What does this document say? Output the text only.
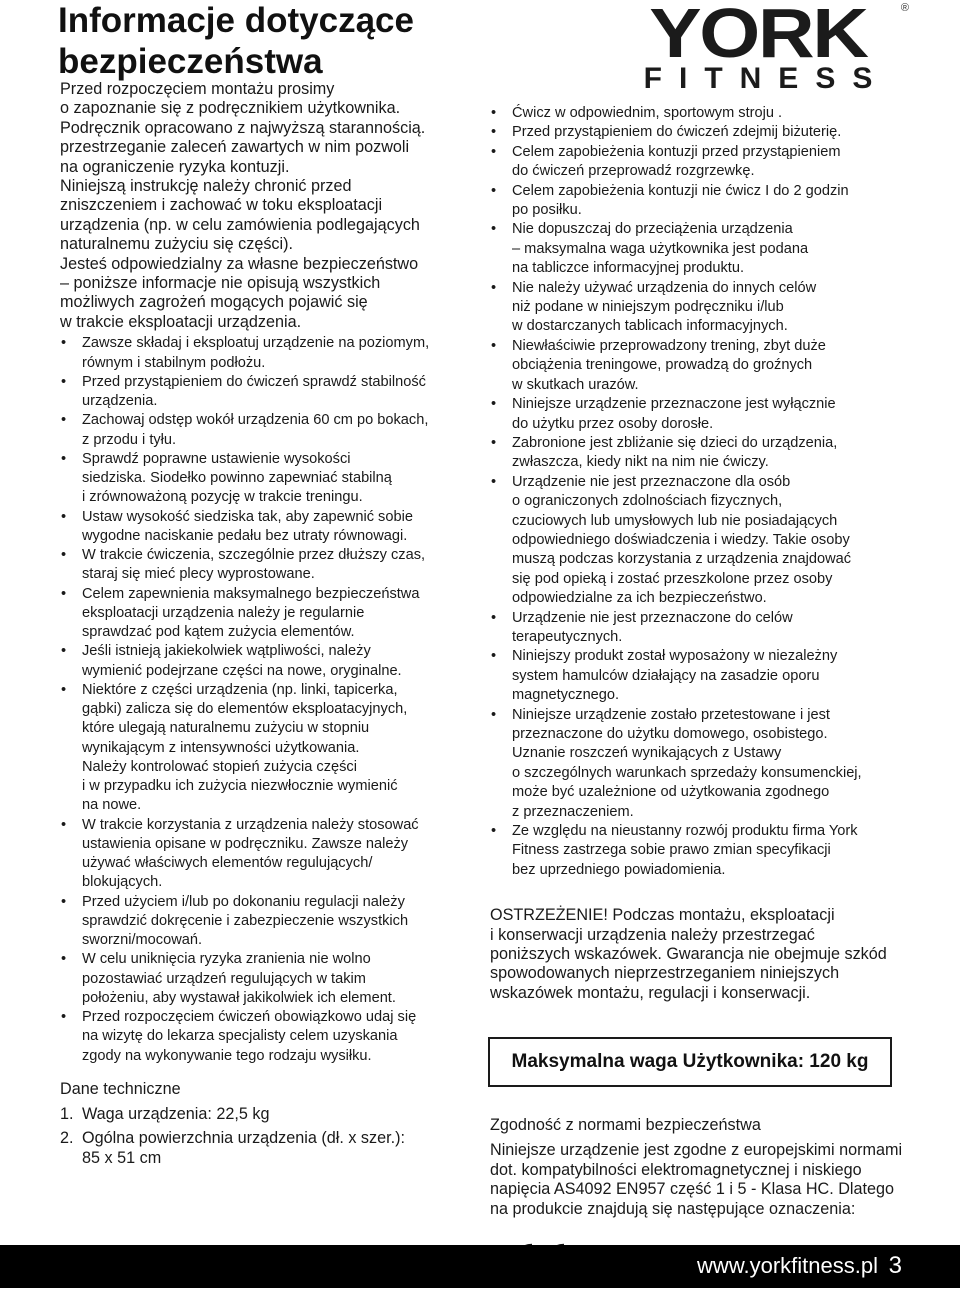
Informacje dotyczące
bezpieczeństwa	YORK
FITNESS
®

Przed rozpoczęciem montażu prosimy
o zapoznanie się z podręcznikiem użytkownika.
Podręcznik opracowano z najwyższą starannością.
przestrzeganie zaleceń zawartych w nim pozwoli
na ograniczenie ryzyka kontuzji.
Niniejszą instrukcję należy chronić przed
zniszczeniem i zachować w toku eksploatacji
urządzenia (np. w celu zamówienia podlegających
naturalnemu zużyciu się części).
Jesteś odpowiedzialny za własne bezpieczeństwo
– poniższe informacje nie opisują wszystkich
możliwych zagrożeń mogących pojawić się
w trakcie eksploatacji urządzenia.

• Zawsze składaj i eksploatuj urządzenie na poziomym,
równym i stabilnym podłożu.
• Przed przystąpieniem do ćwiczeń sprawdź stabilność
urządzenia.
• Zachowaj odstęp wokół urządzenia 60 cm po bokach,
z przodu i tyłu.
• Sprawdź poprawne ustawienie wysokości
siedziska. Siodełko powinno zapewniać stabilną
i zrównoważoną pozycję w trakcie treningu.
• Ustaw wysokość siedziska tak, aby zapewnić sobie
wygodne naciskanie pedału bez utraty równowagi.
• W trakcie ćwiczenia, szczególnie przez dłuższy czas,
staraj się mieć plecy wyprostowane.
• Celem zapewnienia maksymalnego bezpieczeństwa
eksploatacji urządzenia należy je regularnie
sprawdzać pod kątem zużycia elementów.
• Jeśli istnieją jakiekolwiek wątpliwości, należy
wymienić podejrzane części na nowe, oryginalne.
• Niektóre z części urządzenia (np. linki, tapicerka,
gąbki) zalicza się do elementów eksploatacyjnych,
które ulegają naturalnemu zużyciu w stopniu
wynikającym z intensywności użytkowania.
Należy kontrolować stopień zużycia części
i w przypadku ich zużycia niezwłocznie wymienić
na nowe.
• W trakcie korzystania z urządzenia należy stosować
ustawienia opisane w podręczniku. Zawsze należy
używać właściwych elementów regulujących/
blokujących.
• Przed użyciem i/lub po dokonaniu regulacji należy
sprawdzić dokręcenie i zabezpieczenie wszystkich
sworzni/mocowań.
• W celu uniknięcia ryzyka zranienia nie wolno
pozostawiać urządzeń regulujących w takim
położeniu, aby wystawał jakikolwiek ich element.
• Przed rozpoczęciem ćwiczeń obowiązkowo udaj się
na wizytę do lekarza specjalisty celem uzyskania
zgody na wykonywanie tego rodzaju wysiłku.
Dane techniczne
1. Waga urządzenia: 22,5 kg
2. Ogólna powierzchnia urządzenia (dł. x szer.):
85 x 51 cm
• Ćwicz w odpowiednim, sportowym stroju .
• Przed przystąpieniem do ćwiczeń zdejmij biżuterię.
• Celem zapobieżenia kontuzji przed przystąpieniem
do ćwiczeń przeprowadź rozgrzewkę.
• Celem zapobieżenia kontuzji nie ćwicz I do 2 godzin
po posiłku.
• Nie dopuszczaj do przeciążenia urządzenia
– maksymalna waga użytkownika jest podana
na tabliczce informacyjnej produktu.
• Nie należy używać urządzenia do innych celów
niż podane w niniejszym podręczniku i/lub
w dostarczanych tablicach informacyjnych.
• Niewłaściwie przeprowadzony trening, zbyt duże
obciążenia treningowe, prowadzą do groźnych
w skutkach urazów.
• Niniejsze urządzenie przeznaczone jest wyłącznie
do użytku przez osoby dorosłe.
• Zabronione jest zbliżanie się dzieci do urządzenia,
zwłaszcza, kiedy nikt na nim nie ćwiczy.
• Urządzenie nie jest przeznaczone dla osób
o ograniczonych zdolnościach fizycznych,
czuciowych lub umysłowych lub nie posiadających
odpowiedniego doświadczenia i wiedzy. Takie osoby
muszą podczas korzystania z urządzenia znajdować
się pod opieką i zostać przeszkolone przez osoby
odpowiedzialne za ich bezpieczeństwo.
• Urządzenie nie jest przeznaczone do celów
terapeutycznych.
• Niniejszy produkt został wyposażony w niezależny
system hamulców działający na zasadzie oporu
magnetycznego.
• Niniejsze urządzenie zostało przetestowane i jest
przeznaczone do użytku domowego, osobistego.
Uznanie roszczeń wynikających z Ustawy
o szczególnych warunkach sprzedaży konsumenckiej,
może być uzależnione od użytkowania zgodnego
z przeznaczeniem.
• Ze względu na nieustanny rozwój produktu firma York
Fitness zastrzega sobie prawo zmian specyfikacji
bez uprzedniego powiadomienia.

OSTRZEŻENIE! Podczas montażu, eksploatacji
i konserwacji urządzenia należy przestrzegać
poniższych wskazówek. Gwarancja nie obejmuje szkód
spowodowanych nieprzestrzeganiem niniejszych
wskazówek montażu, regulacji i konserwacji.

Maksymalna waga Użytkownika: 120 kg
Zgodność z normami bezpieczeństwa

Niniejsze urządzenie jest zgodne z europejskimi normami
dot. kompatybilności elektromagnetycznej i niskiego
napięcia AS4092 EN957 część 1 i 5 - Klasa HC. Dlatego
na produkcie znajdują się następujące oznaczenia:

www.yorkfitness.pl 3
